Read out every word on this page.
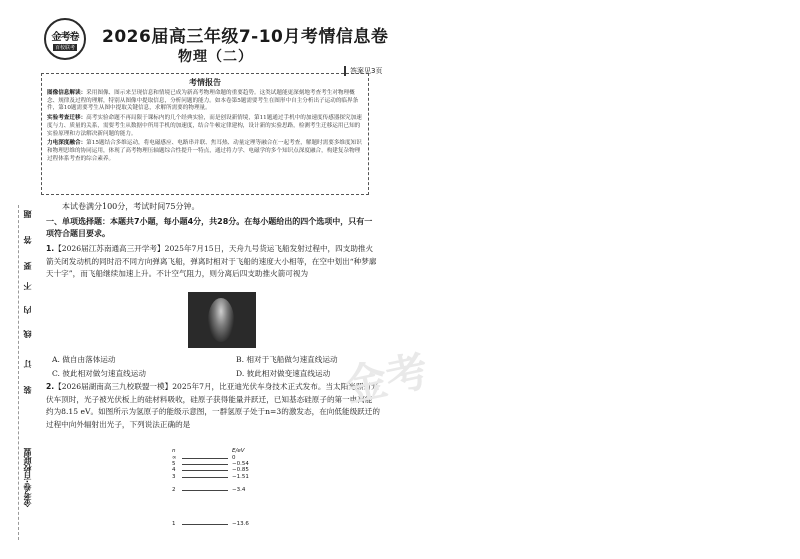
金考卷
百校联考
2026届高三年级7-10月考情信息卷
物理（二）
答案见3页
考情报告

图像信息解读：采用图像、图示来呈现信息和情境已成为新高考物理命题的重要趋势。这类试题能更深刻地考查考生对物理概念、规律及过程的理解，特别从图像中提取信息，分析问题的能力。如本卷第5题需要考生在图形中自主分析出子运动的临界条件，第10题需要考生从图中提取关键信息，求解所需要的物理量。

实验考查迁移：高考实验命题不再局限于课标内的几个经典实验，而是创设新情境，第11题通过手机中的加速度传感器探究加速度与力、质量的关系，需要考生从数据中所用手机的加速度，结合牛顿定律建构，设计新的实验思路，检测考生迁移运用已知的实验原理和方法解决新问题的能力。

力电深度融合：第15题结合多维运动，将电磁感应、电路串并联、焦耳热、动量定理等融合在一起考查，解题时需要多维度知识和物理思维的协同运用，体现了高考物理压轴题综合性提升一特点，通过将力学、电磁学的多个知识点深度融合，构建复杂物理过程体系考查的综合素养。

题
答
要
不
内
线
订
装
金考卷·百校联盟
本试卷满分100分，考试时间75分钟。
一、单项选择题：本题共7小题，每小题4分，共28分。在每小题给出的四个选项中，只有一项符合题目要求。
1.【2026届江苏南通高三开学考】2025年7月15日，天舟九号货运飞船发射过程中，四支助推火箭关闭发动机的同时沿不同方向弹离飞船，弹离时相对于飞船的速度大小相等，在空中划出“种梦廓天十字”，而飞船继续加速上升。不计空气阻力，则分离后四支助推火箭可视为
A. 做自由落体运动	B. 相对于飞船做匀速直线运动
C. 彼此相对做匀速直线运动	D. 彼此相对做变速直线运动
2.【2026届湖南高三九校联盟一模】2025年7月，比亚迪光伏车身技术正式发布。当太阳光照射光伏车顶时，光子被光伏板上的硅材料吸收，硅原子获得能量并跃迁，已知基态硅原子的第一电离能约为8.15 eV。如图所示为氢原子的能级示意图，一群氢原子处于n=3的激发态，在向低能级跃迁的过程中向外辐射出光子，下列说法正确的是
n	E/eV
∞	0
5	−0.54
4	−0.85
3	−1.51
2	−3.4
1	−13.6
金考
